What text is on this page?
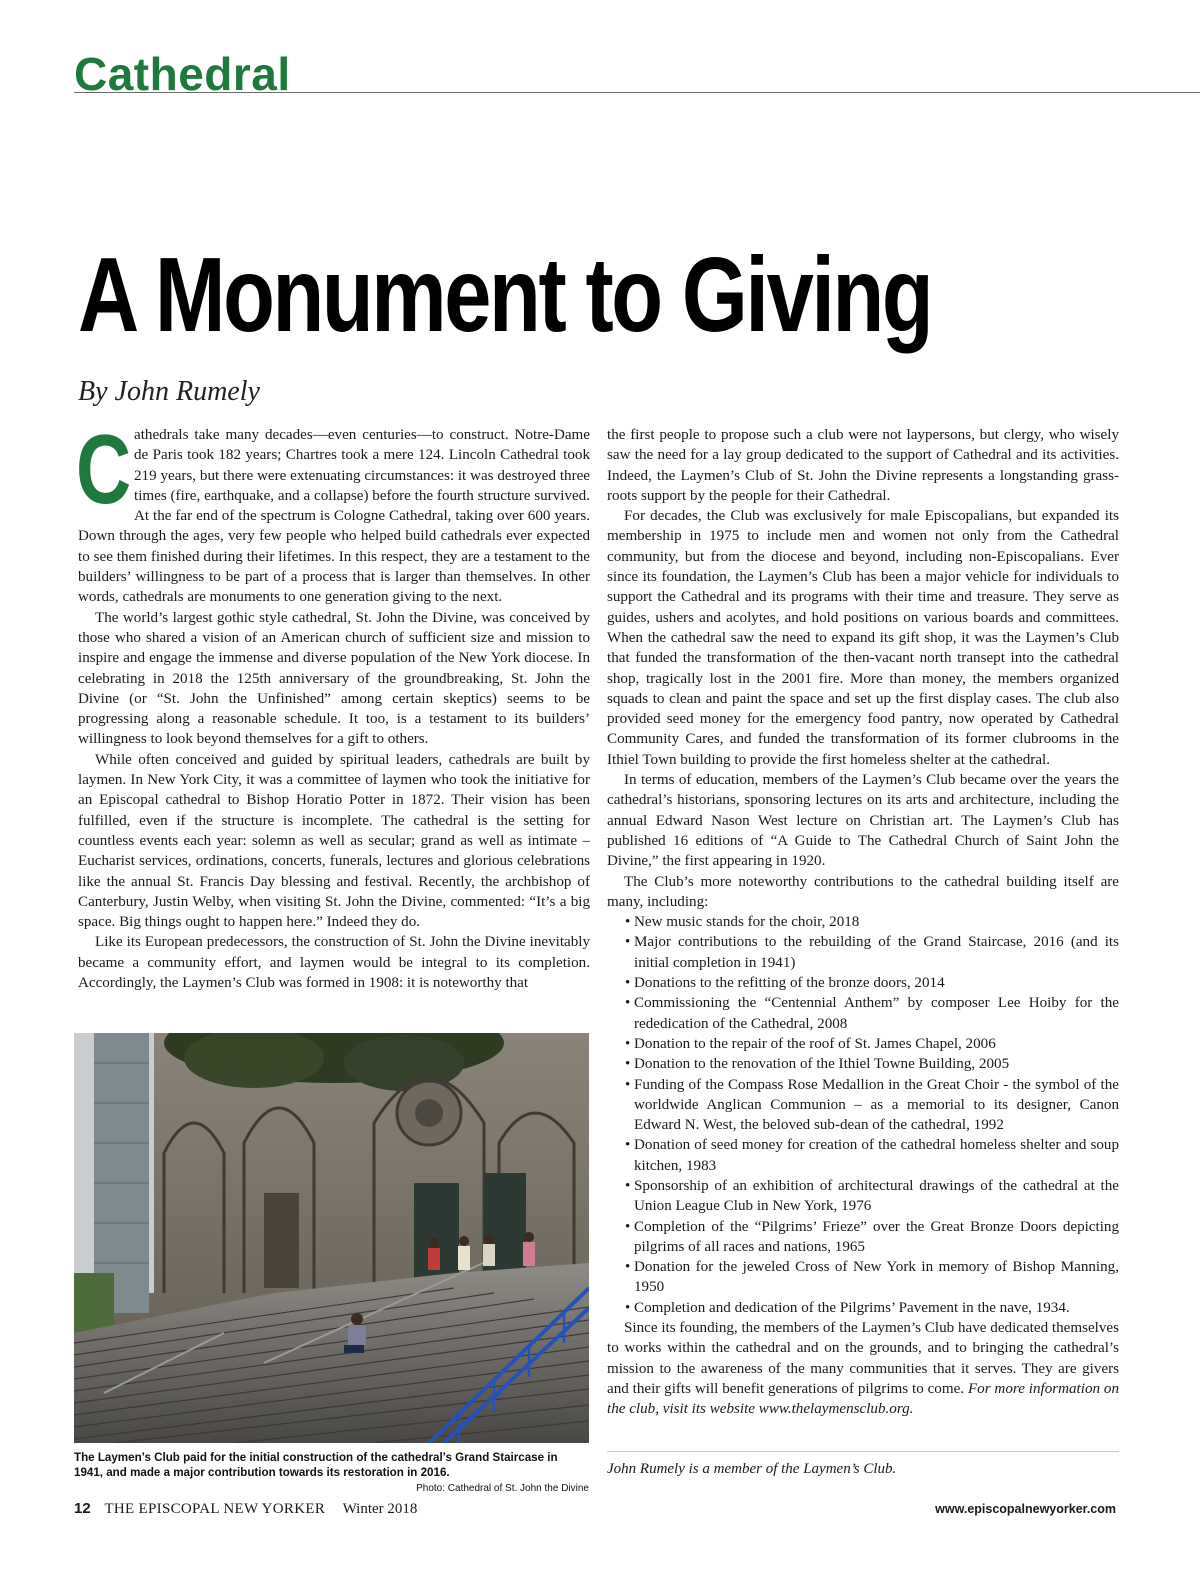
Cathedral
A Monument to Giving
By John Rumely

Cathedrals take many decades—even centuries—to construct. Notre-Dame de Paris took 182 years; Chartres took a mere 124. Lincoln Cathedral took 219 years, but there were extenuating circumstances: it was destroyed three times (fire, earthquake, and a collapse) before the fourth structure survived. At the far end of the spectrum is Cologne Cathedral, taking over 600 years. Down through the ages, very few people who helped build cathedrals ever expected to see them finished during their lifetimes. In this respect, they are a testament to the builders’ willingness to be part of a process that is larger than themselves. In other words, cathedrals are monuments to one generation giving to the next.

The world’s largest gothic style cathedral, St. John the Divine, was conceived by those who shared a vision of an American church of sufficient size and mission to inspire and engage the immense and diverse population of the New York diocese. In celebrating in 2018 the 125th anniversary of the groundbreaking, St. John the Divine (or “St. John the Unfinished” among certain skeptics) seems to be progressing along a reasonable schedule. It too, is a testament to its builders’ willingness to look beyond themselves for a gift to others.

While often conceived and guided by spiritual leaders, cathedrals are built by laymen. In New York City, it was a committee of laymen who took the initiative for an Episcopal cathedral to Bishop Horatio Potter in 1872. Their vision has been fulfilled, even if the structure is incomplete. The cathedral is the setting for countless events each year: solemn as well as secular; grand as well as intimate – Eucharist services, ordinations, concerts, funerals, lectures and glorious celebrations like the annual St. Francis Day blessing and festival. Recently, the archbishop of Canterbury, Justin Welby, when visiting St. John the Divine, commented: “It’s a big space. Big things ought to happen here.” Indeed they do.

Like its European predecessors, the construction of St. John the Divine inevitably became a community effort, and laymen would be integral to its completion. Accordingly, the Laymen’s Club was formed in 1908: it is noteworthy that

The Laymen’s Club paid for the initial construction of the cathedral’s Grand Staircase in 1941, and made a major contribution towards its restoration in 2016.
Photo: Cathedral of St. John the Divine

the first people to propose such a club were not laypersons, but clergy, who wisely saw the need for a lay group dedicated to the support of Cathedral and its activities. Indeed, the Laymen’s Club of St. John the Divine represents a longstanding grass-roots support by the people for their Cathedral.

For decades, the Club was exclusively for male Episcopalians, but expanded its membership in 1975 to include men and women not only from the Cathedral community, but from the diocese and beyond, including non-Episcopalians. Ever since its foundation, the Laymen’s Club has been a major vehicle for individuals to support the Cathedral and its programs with their time and treasure. They serve as guides, ushers and acolytes, and hold positions on various boards and committees. When the cathedral saw the need to expand its gift shop, it was the Laymen’s Club that funded the transformation of the then-vacant north transept into the cathedral shop, tragically lost in the 2001 fire. More than money, the members organized squads to clean and paint the space and set up the first display cases. The club also provided seed money for the emergency food pantry, now operated by Cathedral Community Cares, and funded the transformation of its former clubrooms in the Ithiel Town building to provide the first homeless shelter at the cathedral.

In terms of education, members of the Laymen’s Club became over the years the cathedral’s historians, sponsoring lectures on its arts and architecture, including the annual Edward Nason West lecture on Christian art. The Laymen’s Club has published 16 editions of “A Guide to The Cathedral Church of Saint John the Divine,” the first appearing in 1920.

The Club’s more noteworthy contributions to the cathedral building itself are many, including:

• New music stands for the choir, 2018
• Major contributions to the rebuilding of the Grand Staircase, 2016 (and its initial completion in 1941)
• Donations to the refitting of the bronze doors, 2014
• Commissioning the “Centennial Anthem” by composer Lee Hoiby for the rededication of the Cathedral, 2008
• Donation to the repair of the roof of St. James Chapel, 2006
• Donation to the renovation of the Ithiel Towne Building, 2005
• Funding of the Compass Rose Medallion in the Great Choir - the symbol of the worldwide Anglican Communion – as a memorial to its designer, Canon Edward N. West, the beloved sub-dean of the cathedral, 1992
• Donation of seed money for creation of the cathedral homeless shelter and soup kitchen, 1983
• Sponsorship of an exhibition of architectural drawings of the cathedral at the Union League Club in New York, 1976
• Completion of the “Pilgrims’ Frieze” over the Great Bronze Doors depicting pilgrims of all races and nations, 1965
• Donation for the jeweled Cross of New York in memory of Bishop Manning, 1950
• Completion and dedication of the Pilgrims’ Pavement in the nave, 1934.

Since its founding, the members of the Laymen’s Club have dedicated themselves to works within the cathedral and on the grounds, and to bringing the cathedral’s mission to the awareness of the many communities that it serves. They are givers and their gifts will benefit generations of pilgrims to come. For more information on the club, visit its website www.thelaymensclub.org.

John Rumely is a member of the Laymen’s Club.
12 THE EPISCOPAL NEW YORKER Winter 2018	www.episcopalnewyorker.com
